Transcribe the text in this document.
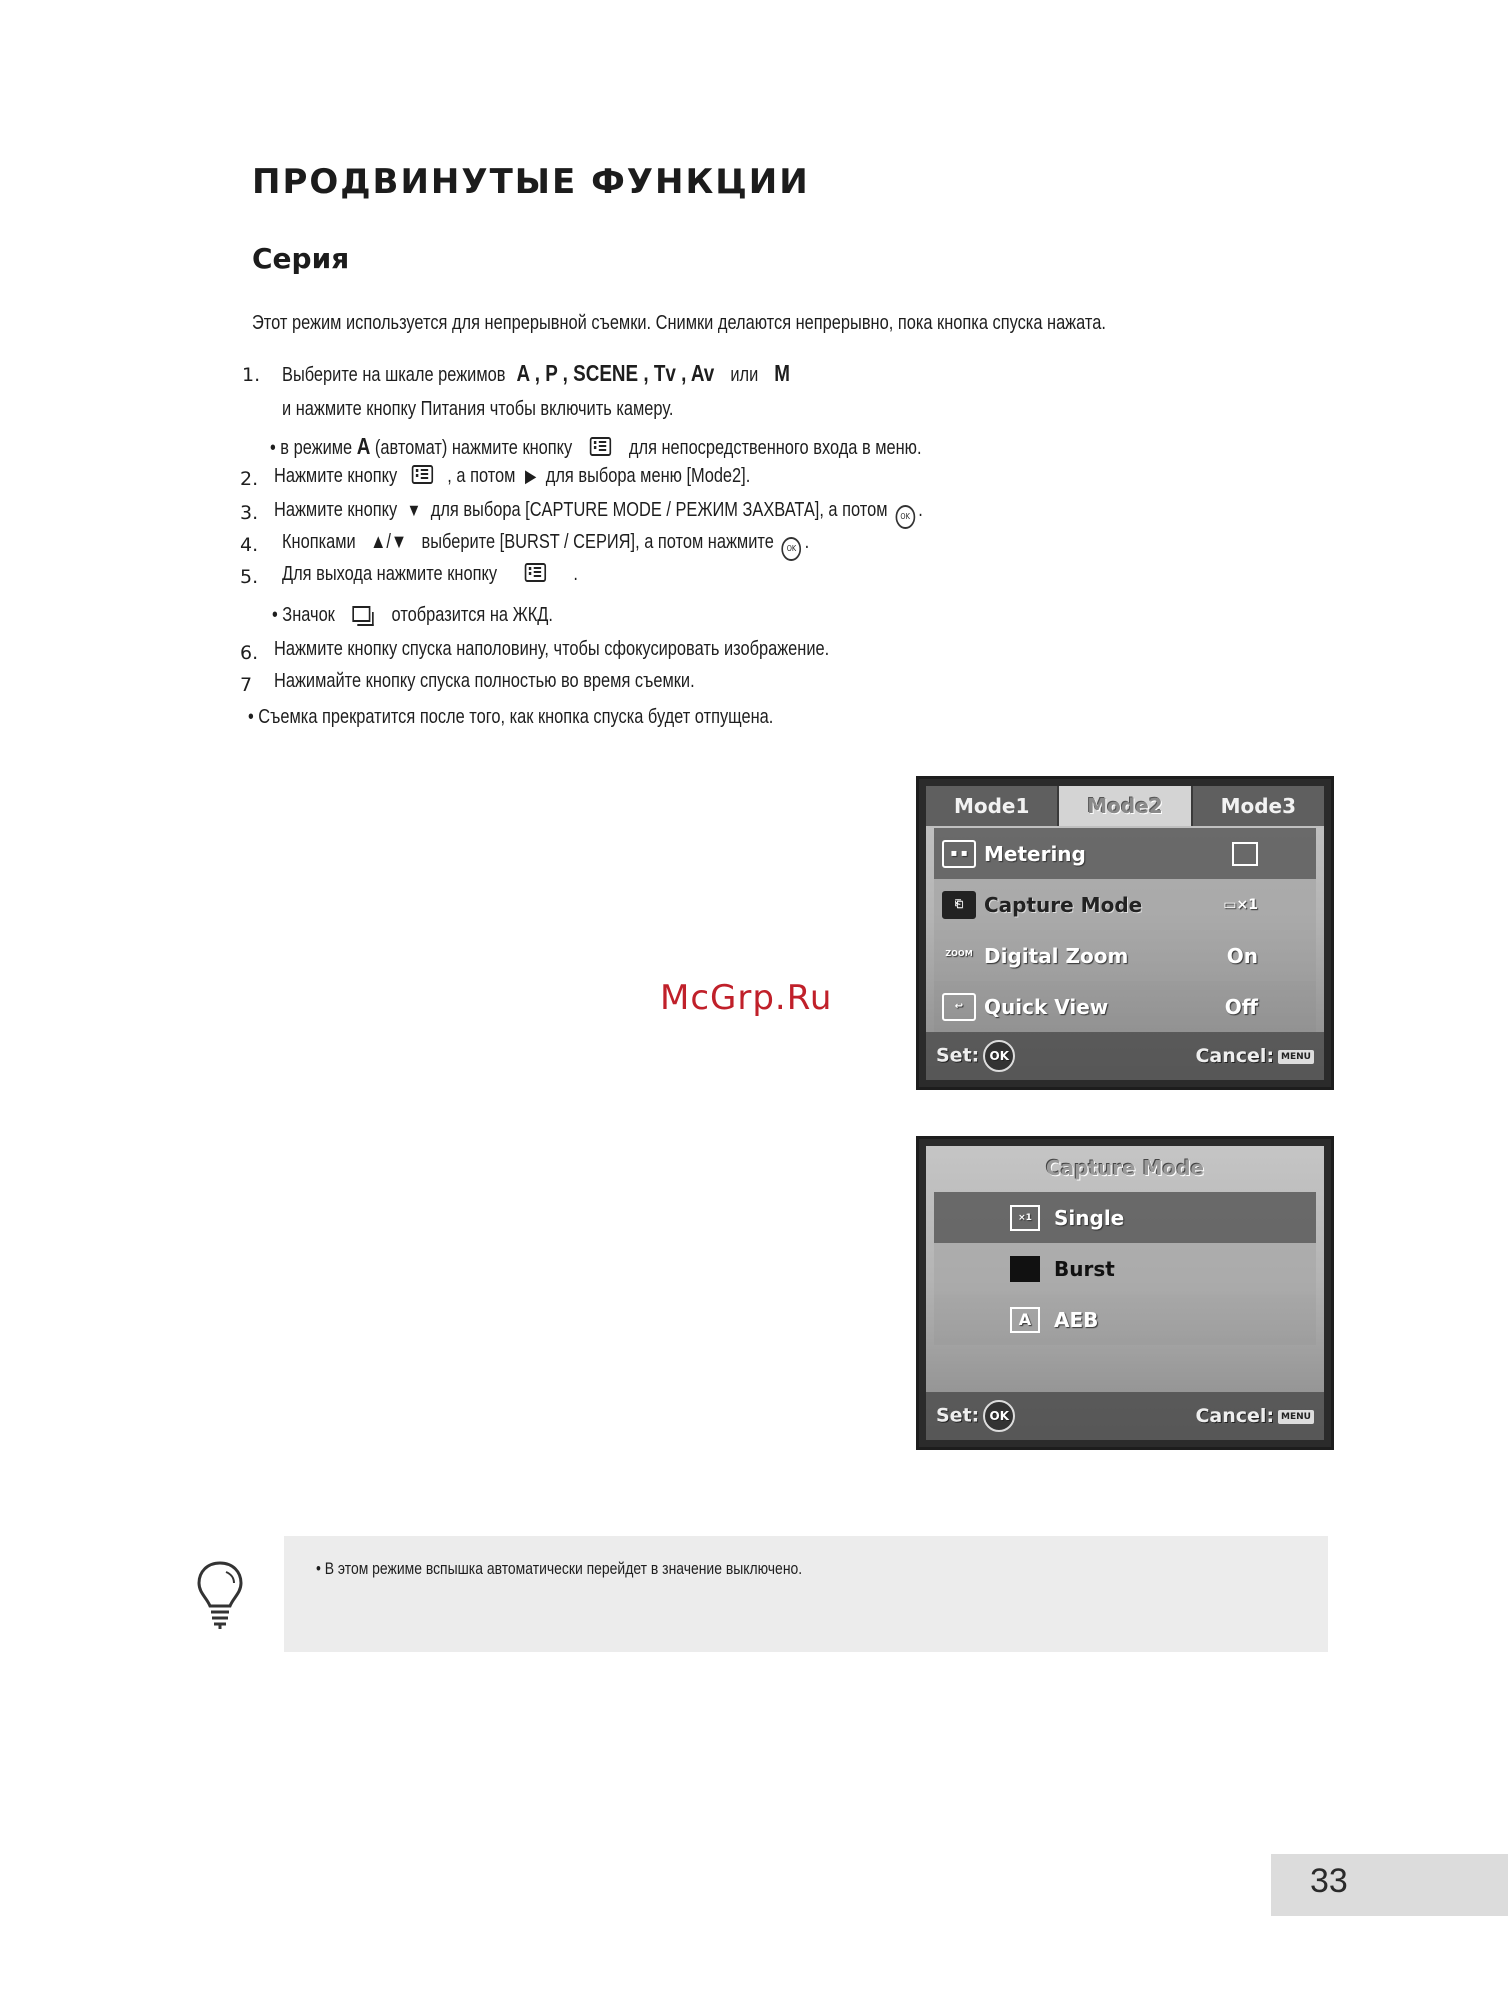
ПРОДВИНУТЫЕ ФУНКЦИИ
Серия
Этот режим используется для непрерывной съемки. Снимки делаются непрерывно, пока кнопка спуска нажата.
1. Выберите на шкале режимов A , P , SCENE , Tv , Av или M
и нажмите кнопку Питания чтобы включить камеру.
• в режиме A (автомат) нажмите кнопку	для непосредственного входа в меню.
2. Нажмите кнопку	, а потом ▶ для выбора меню [Mode2].
3. Нажмите кнопку ▼ для выбора [CAPTURE MODE / РЕЖИМ ЗАХВАТА], а потом OK .
4. Кнопками ▲/▼ выберите [BURST / СЕРИЯ], а потом нажмите OK .
5. Для выхода нажмите кнопку	.
• Значок	отобразится на ЖКД.
6. Нажмите кнопку спуска наполовину, чтобы сфокусировать изображение.
7 Нажимайте кнопку спуска полностью во время съемки.
• Съемка прекратится после того, как кнопка спуска будет отпущена.
Mode1	Mode2	Mode3
▪ ▪ Metering
⎗	Capture Mode	▭×1
ZOOM Digital Zoom	On
↩	Quick View	Off
Set: OK	Cancel: MENU
McGrp.Ru
Capture Mode
×1	Single
Burst
A	AEB
Set: OK	Cancel: MENU
• В этом режиме вспышка автоматически перейдет в значение выключено.
33
